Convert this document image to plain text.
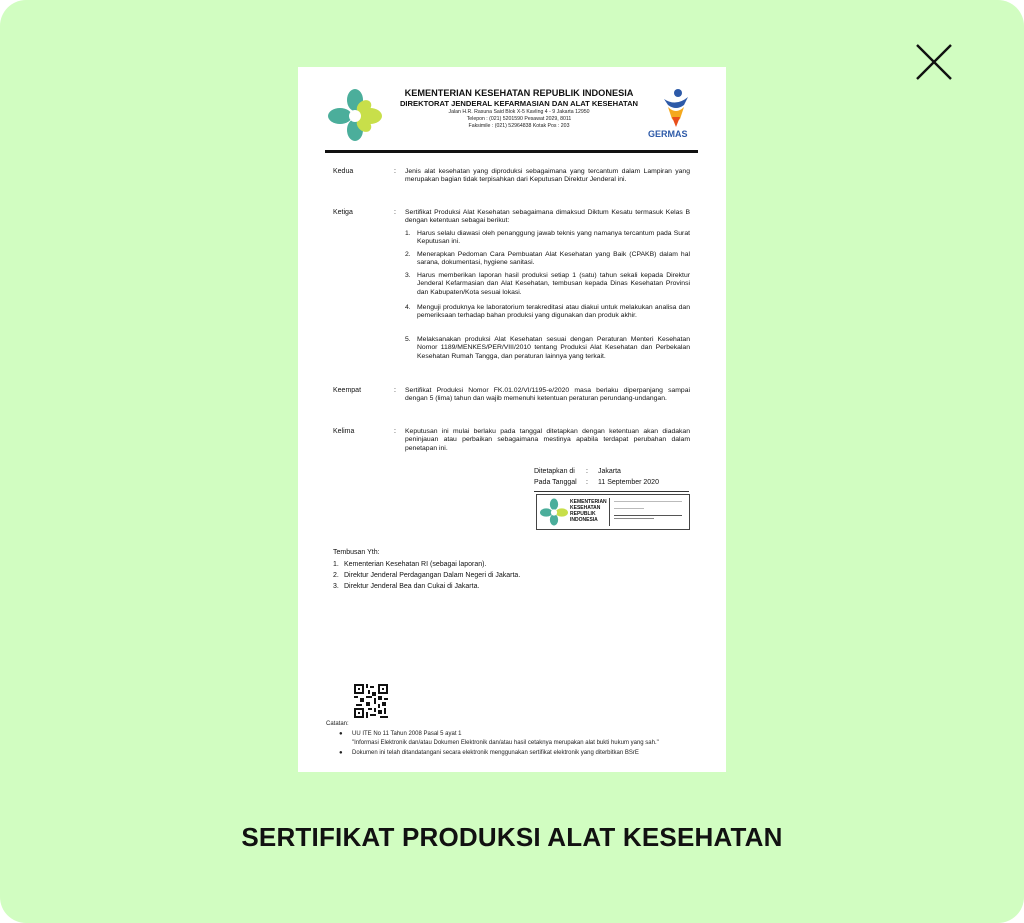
KEMENTERIAN KESEHATAN REPUBLIK INDONESIA
DIREKTORAT JENDERAL KEFARMASIAN DAN ALAT KESEHATAN
Jalan H.R. Rasuna Said Blok X-5 Kavling 4 - 9 Jakarta 12950
Telepon : (021) 5201590 Pesawat 2029, 8011
Faksimile : (021) 52964838 Kotak Pos : 203
GERMAS
Kedua	: Jenis alat kesehatan yang diproduksi sebagaimana yang tercantum dalam Lampiran yang merupakan bagian tidak terpisahkan dari Keputusan Direktur Jenderal ini.
Ketiga	: Sertifikat Produksi Alat Kesehatan sebagaimana dimaksud Diktum Kesatu termasuk Kelas B dengan ketentuan sebagai berikut:
1. Harus selalu diawasi oleh penanggung jawab teknis yang namanya tercantum pada Surat Keputusan ini.
2. Menerapkan Pedoman Cara Pembuatan Alat Kesehatan yang Baik (CPAKB) dalam hal sarana, dokumentasi, hygiene sanitasi.
3. Harus memberikan laporan hasil produksi setiap 1 (satu) tahun sekali kepada Direktur Jenderal Kefarmasian dan Alat Kesehatan, tembusan kepada Dinas Kesehatan Provinsi dan Kabupaten/Kota sesuai lokasi.
4. Menguji produknya ke laboratorium terakreditasi atau diakui untuk melakukan analisa dan pemeriksaan terhadap bahan produksi yang digunakan dan produk akhir.
5. Melaksanakan produksi Alat Kesehatan sesuai dengan Peraturan Menteri Kesehatan Nomor 1189/MENKES/PER/VIII/2010 tentang Produksi Alat Kesehatan dan Perbekalan Kesehatan Rumah Tangga, dan peraturan lainnya yang terkait.
Keempat	: Sertifikat Produksi Nomor FK.01.02/VI/1195-e/2020 masa berlaku diperpanjang sampai dengan 5 (lima) tahun dan wajib memenuhi ketentuan peraturan perundang-undangan.
Kelima	: Keputusan ini mulai berlaku pada tanggal ditetapkan dengan ketentuan akan diadakan peninjauan atau perbaikan sebagaimana mestinya apabila terdapat perubahan dalam penetapan ini.
Ditetapkan di : Jakarta
Pada Tanggal : 11 September 2020
KEMENTERIAN
KESEHATAN
REPUBLIK
INDONESIA
Tembusan Yth:
1. Kementerian Kesehatan RI (sebagai laporan).
2. Direktur Jenderal Perdagangan Dalam Negeri di Jakarta.
3. Direktur Jenderal Bea dan Cukai di Jakarta.
Catatan:
● UU ITE No 11 Tahun 2008 Pasal 5 ayat 1
"Informasi Elektronik dan/atau Dokumen Elektronik dan/atau hasil cetaknya merupakan alat bukti hukum yang sah."
● Dokumen ini telah ditandatangani secara elektronik menggunakan sertifikat elektronik yang diterbitkan BSrE
SERTIFIKAT PRODUKSI ALAT KESEHATAN
